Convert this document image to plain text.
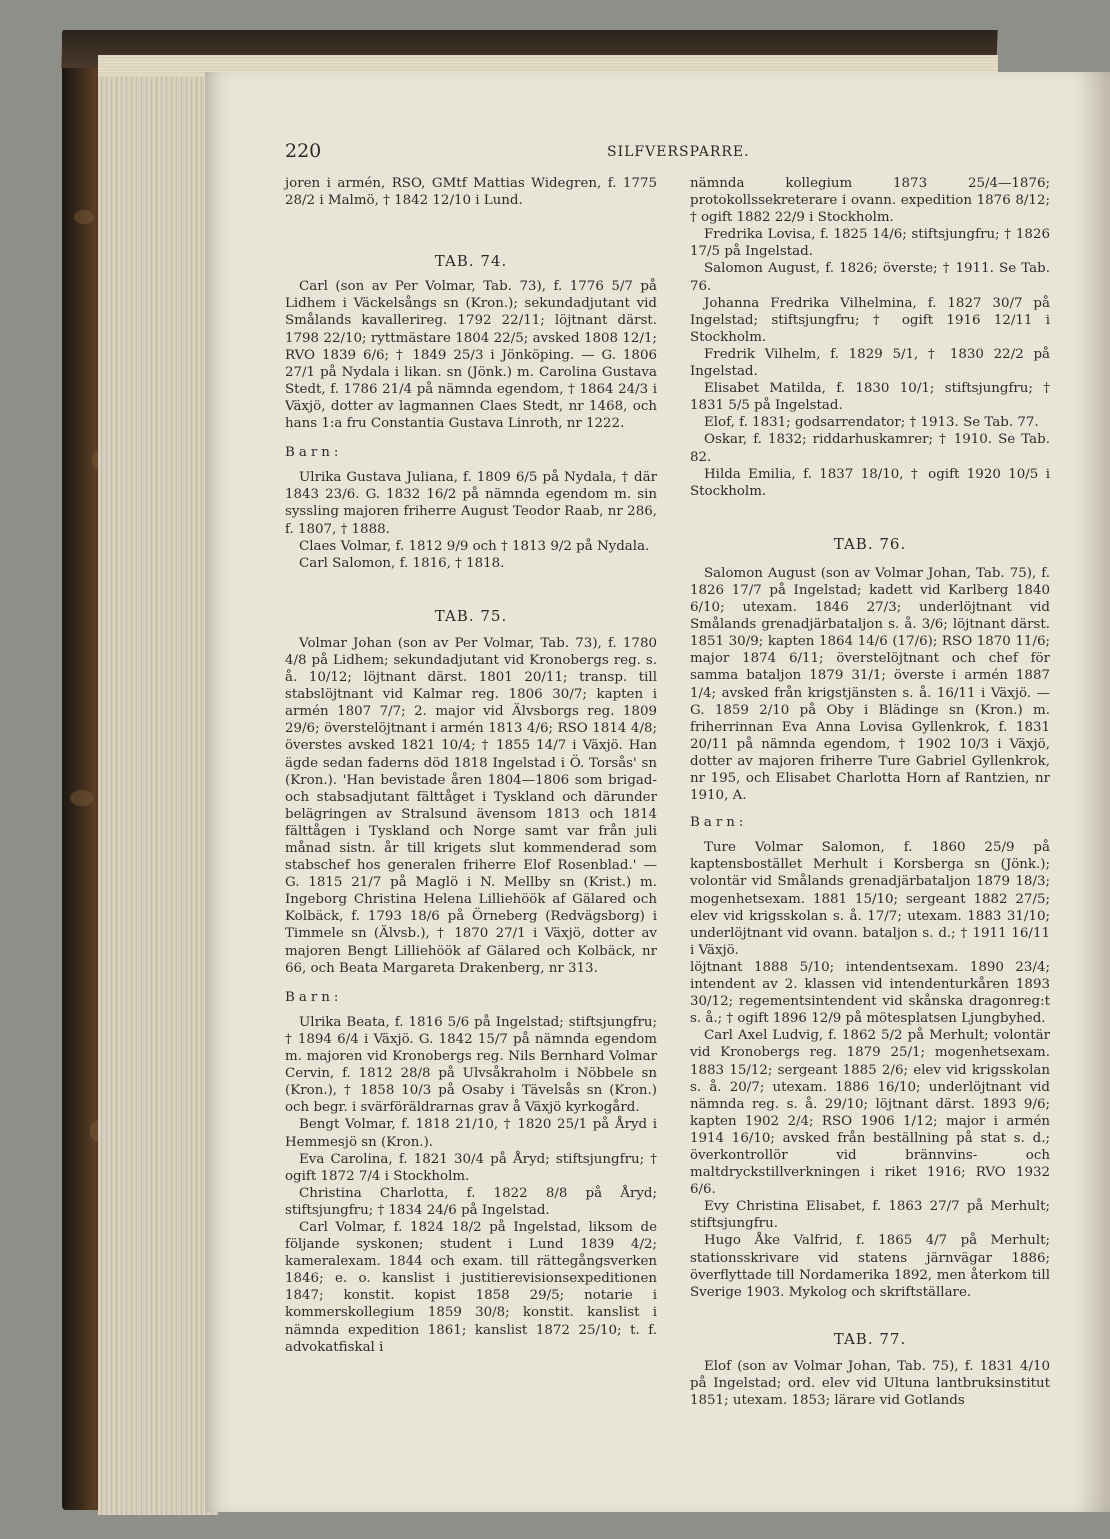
220	SILFVERSPARRE.

joren i armén, RSO, GMtf Mattias Widegren, f. 1775 28/2 i Malmö, † 1842 12/10 i Lund.

TAB. 74.

Carl (son av Per Volmar, Tab. 73), f. 1776 5/7 på Lidhem i Väckelsångs sn (Kron.); sekundadjutant vid Smålands kavallerireg. 1792 22/11; löjtnant därst. 1798 22/10; ryttmästare 1804 22/5; avsked 1808 12/1; RVO 1839 6/6; † 1849 25/3 i Jönköping. — G. 1806 27/1 på Nydala i likan. sn (Jönk.) m. Carolina Gustava Stedt, f. 1786 21/4 på nämnda egendom, † 1864 24/3 i Växjö, dotter av lagmannen Claes Stedt, nr 1468, och hans 1:a fru Constantia Gustava Linroth, nr 1222.

Barn:

Ulrika Gustava Juliana, f. 1809 6/5 på Nydala, † där 1843 23/6. G. 1832 16/2 på nämnda egendom m. sin syssling majoren friherre August Teodor Raab, nr 286, f. 1807, † 1888.

Claes Volmar, f. 1812 9/9 och † 1813 9/2 på Nydala.

Carl Salomon, f. 1816, † 1818.

TAB. 75.

Volmar Johan (son av Per Volmar, Tab. 73), f. 1780 4/8 på Lidhem; sekundadjutant vid Kronobergs reg. s. å. 10/12; löjtnant därst. 1801 20/11; transp. till stabslöjtnant vid Kalmar reg. 1806 30/7; kapten i armén 1807 7/7; 2. major vid Älvsborgs reg. 1809 29/6; överstelöjtnant i armén 1813 4/6; RSO 1814 4/8; överstes avsked 1821 10/4; † 1855 14/7 i Växjö. Han ägde sedan faderns död 1818 Ingelstad i Ö. Torsås' sn (Kron.). 'Han bevistade åren 1804—1806 som brigad- och stabsadjutant fälttåget i Tyskland och därunder belägringen av Stralsund ävensom 1813 och 1814 fälttågen i Tyskland och Norge samt var från juli månad sistn. år till krigets slut kommenderad som stabschef hos generalen friherre Elof Rosenblad.' — G. 1815 21/7 på Maglö i N. Mellby sn (Krist.) m. Ingeborg Christina Helena Lilliehöök af Gälared och Kolbäck, f. 1793 18/6 på Örneberg (Redvägsborg) i Timmele sn (Älvsb.), † 1870 27/1 i Växjö, dotter av majoren Bengt Lilliehöök af Gälared och Kolbäck, nr 66, och Beata Margareta Drakenberg, nr 313.

Barn:

Ulrika Beata, f. 1816 5/6 på Ingelstad; stiftsjungfru; † 1894 6/4 i Växjö. G. 1842 15/7 på nämnda egendom m. majoren vid Kronobergs reg. Nils Bernhard Volmar Cervin, f. 1812 28/8 på Ulvsåkraholm i Nöbbele sn (Kron.), † 1858 10/3 på Osaby i Tävelsås sn (Kron.) och begr. i svärföräldrarnas grav å Växjö kyrkogård.

Bengt Volmar, f. 1818 21/10, † 1820 25/1 på Åryd i Hemmesjö sn (Kron.).

Eva Carolina, f. 1821 30/4 på Åryd; stiftsjungfru; † ogift 1872 7/4 i Stockholm.

Christina Charlotta, f. 1822 8/8 på Åryd; stiftsjungfru; † 1834 24/6 på Ingelstad.

Carl Volmar, f. 1824 18/2 på Ingelstad, liksom de följande syskonen; student i Lund 1839 4/2; kameralexam. 1844 och exam. till rättegångsverken 1846; e. o. kanslist i justitierevisionsexpeditionen 1847; konstit. kopist 1858 29/5; notarie i kommerskollegium 1859 30/8; konstit. kanslist i nämnda expedition 1861; kanslist 1872 25/10; t. f. advokatfiskal i

nämnda kollegium 1873 25/4—1876; protokollssekreterare i ovann. expedition 1876 8/12; † ogift 1882 22/9 i Stockholm.

Fredrika Lovisa, f. 1825 14/6; stiftsjungfru; † 1826 17/5 på Ingelstad.

Salomon August, f. 1826; överste; † 1911. Se Tab. 76.

Johanna Fredrika Vilhelmina, f. 1827 30/7 på Ingelstad; stiftsjungfru; † ogift 1916 12/11 i Stockholm.

Fredrik Vilhelm, f. 1829 5/1, † 1830 22/2 på Ingelstad.

Elisabet Matilda, f. 1830 10/1; stiftsjungfru; † 1831 5/5 på Ingelstad.

Elof, f. 1831; godsarrendator; † 1913. Se Tab. 77.

Oskar, f. 1832; riddarhuskamrer; † 1910. Se Tab. 82.

Hilda Emilia, f. 1837 18/10, † ogift 1920 10/5 i Stockholm.

TAB. 76.

Salomon August (son av Volmar Johan, Tab. 75), f. 1826 17/7 på Ingelstad; kadett vid Karlberg 1840 6/10; utexam. 1846 27/3; underlöjtnant vid Smålands grenadjärbataljon s. å. 3/6; löjtnant därst. 1851 30/9; kapten 1864 14/6 (17/6); RSO 1870 11/6; major 1874 6/11; överstelöjtnant och chef för samma bataljon 1879 31/1; överste i armén 1887 1/4; avsked från krigstjänsten s. å. 16/11 i Växjö. — G. 1859 2/10 på Oby i Blädinge sn (Kron.) m. friherrinnan Eva Anna Lovisa Gyllenkrok, f. 1831 20/11 på nämnda egendom, † 1902 10/3 i Växjö, dotter av majoren friherre Ture Gabriel Gyllenkrok, nr 195, och Elisabet Charlotta Horn af Rantzien, nr 1910, A.

Barn:

Ture Volmar Salomon, f. 1860 25/9 på kaptensbostället Merhult i Korsberga sn (Jönk.); volontär vid Smålands grenadjärbataljon 1879 18/3; mogenhetsexam. 1881 15/10; sergeant 1882 27/5; elev vid krigsskolan s. å. 17/7; utexam. 1883 31/10; underlöjtnant vid ovann. bataljon s. d.; † 1911 16/11 i Växjö.

löjtnant 1888 5/10; intendentsexam. 1890 23/4; intendent av 2. klassen vid intendenturkåren 1893 30/12; regementsintendent vid skånska dragonreg:t s. å.; † ogift 1896 12/9 på mötesplatsen Ljungbyhed.

Carl Axel Ludvig, f. 1862 5/2 på Merhult; volontär vid Kronobergs reg. 1879 25/1; mogenhetsexam. 1883 15/12; sergeant 1885 2/6; elev vid krigsskolan s. å. 20/7; utexam. 1886 16/10; underlöjtnant vid nämnda reg. s. å. 29/10; löjtnant därst. 1893 9/6; kapten 1902 2/4; RSO 1906 1/12; major i armén 1914 16/10; avsked från beställning på stat s. d.; överkontrollör vid brännvins- och maltdryckstillverkningen i riket 1916; RVO 1932 6/6.

Evy Christina Elisabet, f. 1863 27/7 på Merhult; stiftsjungfru.

Hugo Åke Valfrid, f. 1865 4/7 på Merhult; stationsskrivare vid statens järnvägar 1886; överflyttade till Nordamerika 1892, men återkom till Sverige 1903. Mykolog och skriftställare.

TAB. 77.

Elof (son av Volmar Johan, Tab. 75), f. 1831 4/10 på Ingelstad; ord. elev vid Ultuna lantbruksinstitut 1851; utexam. 1853; lärare vid Gotlands
